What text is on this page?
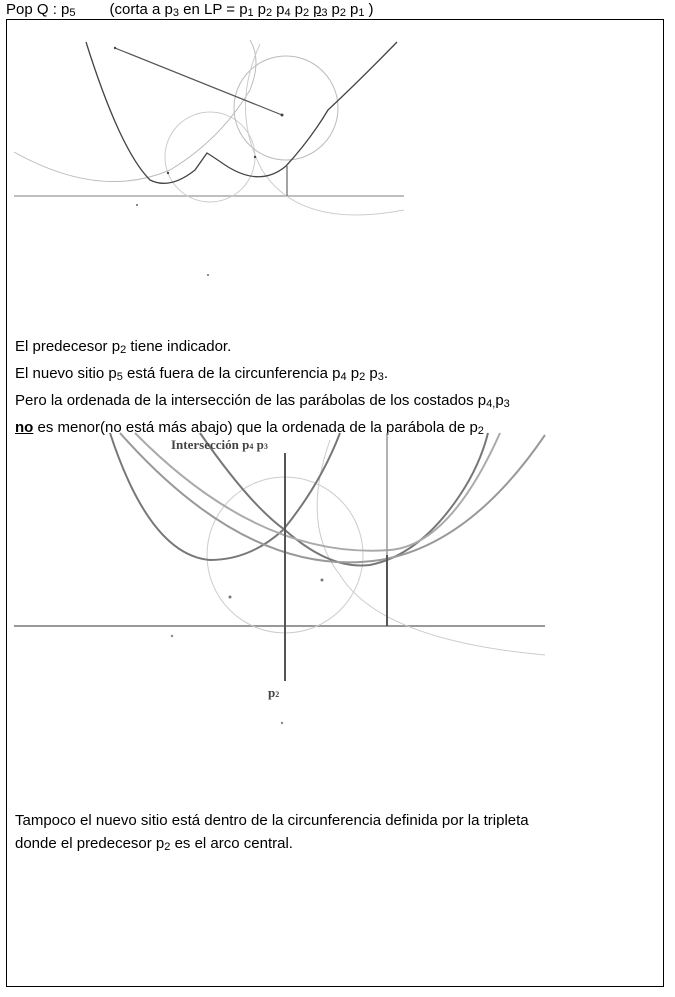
Pop Q : p5 (corta a p3 en LP = p1 p2 p4 p2 p3 p2 p1 )
El predecesor p2 tiene indicador.
El nuevo sitio p5 está fuera de la circunferencia p4 p2 p3.
Pero la ordenada de la intersección de las parábolas de los costados p4,p3
no es menor(no está más abajo) que la ordenada de la parábola de p2
Intersección p4 p3
p2
Tampoco el nuevo sitio está dentro de la circunferencia definida por la tripleta
donde el predecesor p2 es el arco central.
